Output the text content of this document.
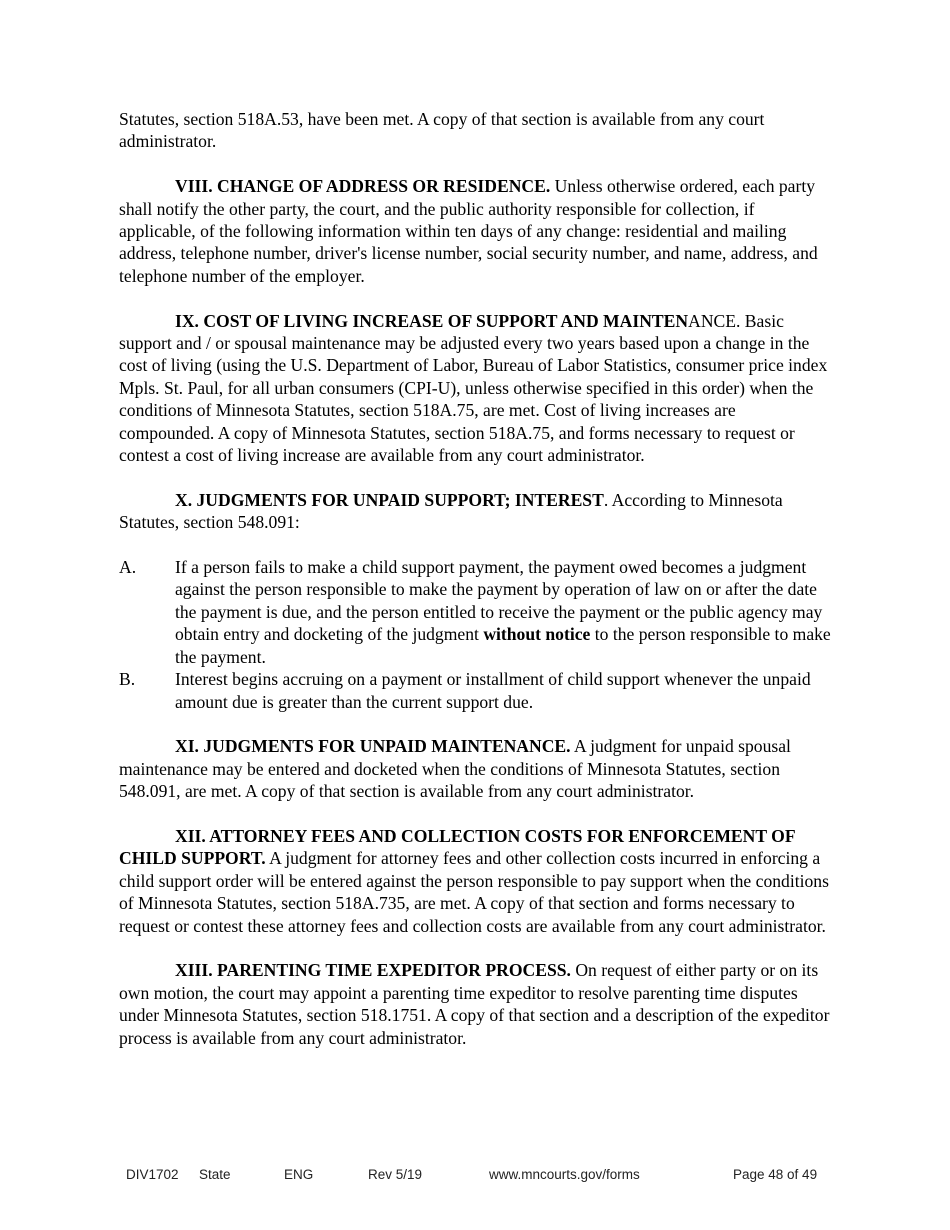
Statutes, section 518A.53, have been met. A copy of that section is available from any court administrator.

VIII. CHANGE OF ADDRESS OR RESIDENCE. Unless otherwise ordered, each party shall notify the other party, the court, and the public authority responsible for collection, if applicable, of the following information within ten days of any change: residential and mailing address, telephone number, driver's license number, social security number, and name, address, and telephone number of the employer.

IX. COST OF LIVING INCREASE OF SUPPORT AND MAINTENANCE. Basic support and / or spousal maintenance may be adjusted every two years based upon a change in the cost of living (using the U.S. Department of Labor, Bureau of Labor Statistics, consumer price index Mpls. St. Paul, for all urban consumers (CPI-U), unless otherwise specified in this order) when the conditions of Minnesota Statutes, section 518A.75, are met. Cost of living increases are compounded. A copy of Minnesota Statutes, section 518A.75, and forms necessary to request or contest a cost of living increase are available from any court administrator.

X. JUDGMENTS FOR UNPAID SUPPORT; INTEREST. According to Minnesota Statutes, section 548.091:

A.	If a person fails to make a child support payment, the payment owed becomes a judgment against the person responsible to make the payment by operation of law on or after the date the payment is due, and the person entitled to receive the payment or the public agency may obtain entry and docketing of the judgment without notice to the person responsible to make the payment.
B.	Interest begins accruing on a payment or installment of child support whenever the unpaid amount due is greater than the current support due.

XI. JUDGMENTS FOR UNPAID MAINTENANCE. A judgment for unpaid spousal maintenance may be entered and docketed when the conditions of Minnesota Statutes, section 548.091, are met. A copy of that section is available from any court administrator.

XII. ATTORNEY FEES AND COLLECTION COSTS FOR ENFORCEMENT OF CHILD SUPPORT. A judgment for attorney fees and other collection costs incurred in enforcing a child support order will be entered against the person responsible to pay support when the conditions of Minnesota Statutes, section 518A.735, are met. A copy of that section and forms necessary to request or contest these attorney fees and collection costs are available from any court administrator.

XIII. PARENTING TIME EXPEDITOR PROCESS. On request of either party or on its own motion, the court may appoint a parenting time expeditor to resolve parenting time disputes under Minnesota Statutes, section 518.1751. A copy of that section and a description of the expeditor process is available from any court administrator.

DIV1702 State	ENG	Rev 5/19	www.mncourts.gov/forms	Page 48 of 49
